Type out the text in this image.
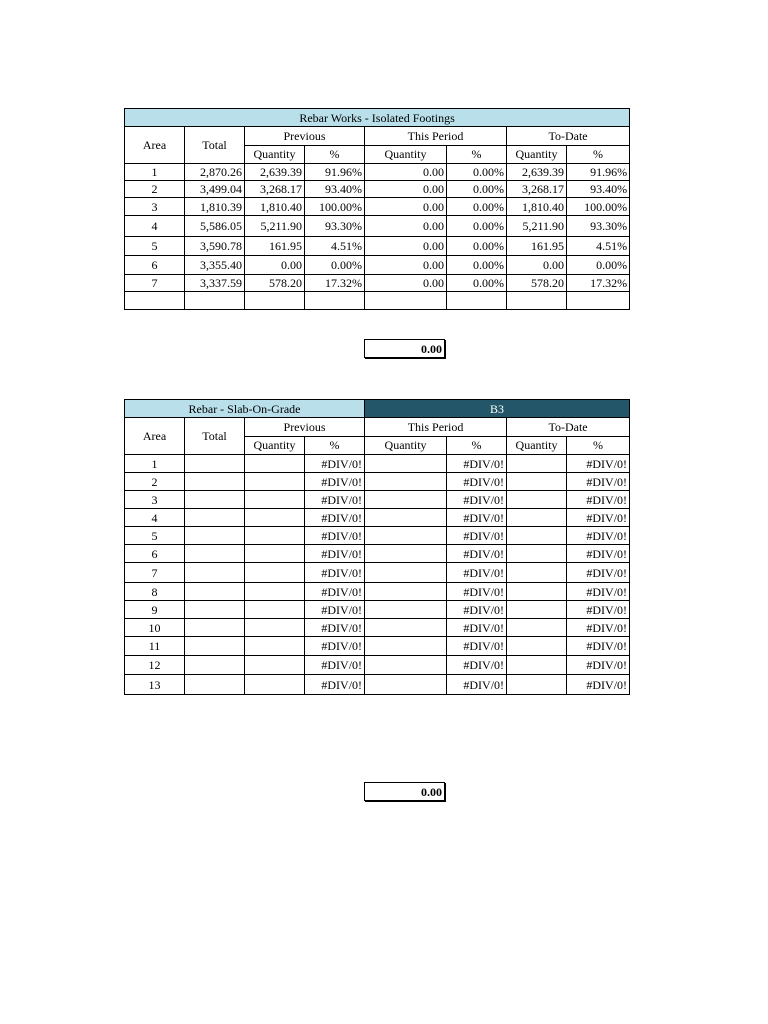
Rebar Works - Isolated Footings							
Area	Total	Previous		This Period		To-Date	
		Quantity	%	Quantity	%	Quantity	%
1	2,870.26	2,639.39	91.96%	0.00	0.00%	2,639.39	91.96%
2	3,499.04	3,268.17	93.40%	0.00	0.00%	3,268.17	93.40%
3	1,810.39	1,810.40	100.00%	0.00	0.00%	1,810.40	100.00%
4	5,586.05	5,211.90	93.30%	0.00	0.00%	5,211.90	93.30%
5	3,590.78	161.95	4.51%	0.00	0.00%	161.95	4.51%
6	3,355.40	0.00	0.00%	0.00	0.00%	0.00	0.00%
7	3,337.59	578.20	17.32%	0.00	0.00%	578.20	17.32%

0.00
Rebar - Slab-On-Grade				B3			
Area	Total	Previous		This Period		To-Date	
		Quantity	%	Quantity	%	Quantity	%
1			#DIV/0!		#DIV/0!		#DIV/0!
2			#DIV/0!		#DIV/0!		#DIV/0!
3			#DIV/0!		#DIV/0!		#DIV/0!
4			#DIV/0!		#DIV/0!		#DIV/0!
5			#DIV/0!		#DIV/0!		#DIV/0!
6			#DIV/0!		#DIV/0!		#DIV/0!
7			#DIV/0!		#DIV/0!		#DIV/0!
8			#DIV/0!		#DIV/0!		#DIV/0!
9			#DIV/0!		#DIV/0!		#DIV/0!
10			#DIV/0!		#DIV/0!		#DIV/0!
11			#DIV/0!		#DIV/0!		#DIV/0!
12			#DIV/0!		#DIV/0!		#DIV/0!
13			#DIV/0!		#DIV/0!		#DIV/0!
0.00
